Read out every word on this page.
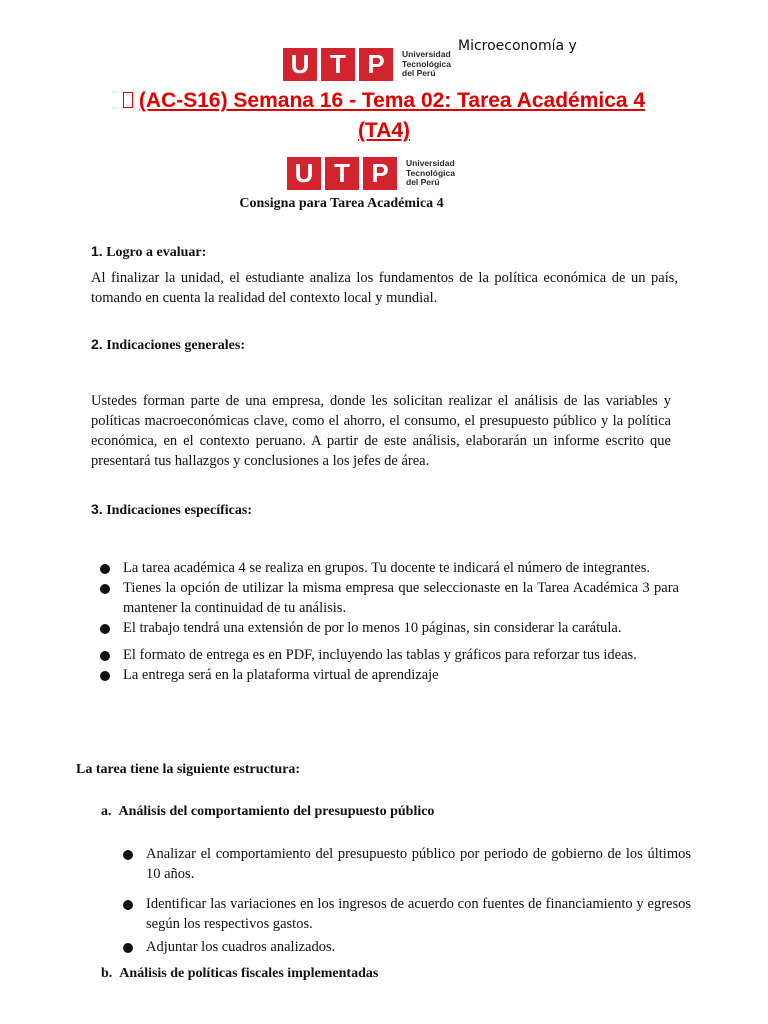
Microeconomía y
U T P	Universidad
Tecnológica
del Perú
(AC-S16) Semana 16 - Tema 02: Tarea Académica 4
(TA4)
U T P	Universidad
Tecnológica
del Perú
Consigna para Tarea Académica 4
1. Logro a evaluar:
Al finalizar la unidad, el estudiante analiza los fundamentos de la política económica de un país, tomando en cuenta la realidad del contexto local y mundial.
2. Indicaciones generales:
Ustedes forman parte de una empresa, donde les solicitan realizar el análisis de las variables y políticas macroeconómicas clave, como el ahorro, el consumo, el presupuesto público y la política económica, en el contexto peruano. A partir de este análisis, elaborarán un informe escrito que presentará tus hallazgos y conclusiones a los jefes de área.
3. Indicaciones específicas:
La tarea académica 4 se realiza en grupos. Tu docente te indicará el número de integrantes.
Tienes la opción de utilizar la misma empresa que seleccionaste en la Tarea Académica 3 para mantener la continuidad de tu análisis.
El trabajo tendrá una extensión de por lo menos 10 páginas, sin considerar la carátula.
El formato de entrega es en PDF, incluyendo las tablas y gráficos para reforzar tus ideas.
La entrega será en la plataforma virtual de aprendizaje
La tarea tiene la siguiente estructura:
a. Análisis del comportamiento del presupuesto público
Analizar el comportamiento del presupuesto público por periodo de gobierno de los últimos 10 años.
Identificar las variaciones en los ingresos de acuerdo con fuentes de financiamiento y egresos según los respectivos gastos.
Adjuntar los cuadros analizados.
b. Análisis de políticas fiscales implementadas
